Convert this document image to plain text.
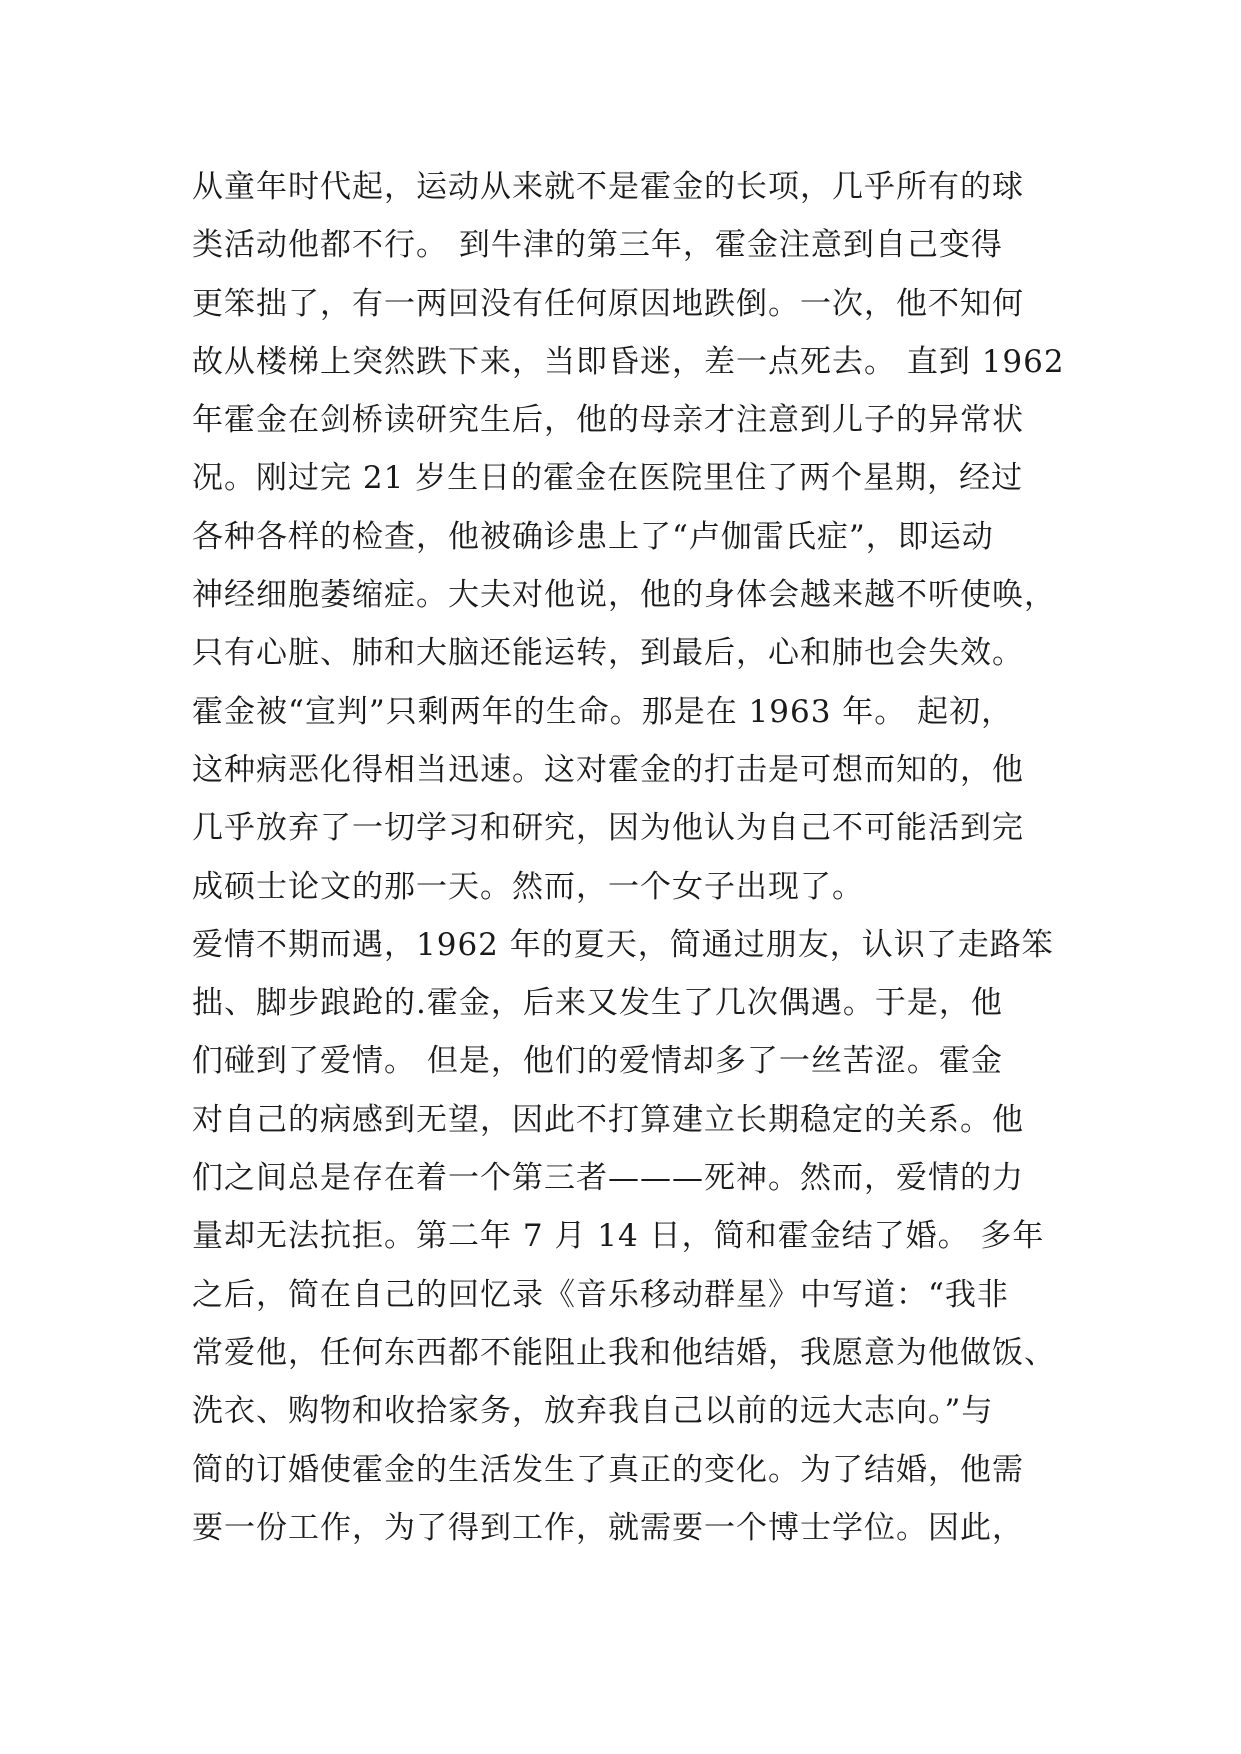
从童年时代起，运动从来就不是霍金的长项，几乎所有的球
类活动他都不行。 到牛津的第三年，霍金注意到自己变得
更笨拙了，有一两回没有任何原因地跌倒。一次，他不知何
故从楼梯上突然跌下来，当即昏迷，差一点死去。 直到 1962
年霍金在剑桥读研究生后，他的母亲才注意到儿子的异常状
况。刚过完 21 岁生日的霍金在医院里住了两个星期，经过
各种各样的检查，他被确诊患上了“卢伽雷氏症”，即运动
神经细胞萎缩症。大夫对他说，他的身体会越来越不听使唤，
只有心脏、肺和大脑还能运转，到最后，心和肺也会失效。
霍金被“宣判”只剩两年的生命。那是在 1963 年。 起初，
这种病恶化得相当迅速。这对霍金的打击是可想而知的，他
几乎放弃了一切学习和研究，因为他认为自己不可能活到完
成硕士论文的那一天。然而，一个女子出现了。
爱情不期而遇，1962 年的夏天，简通过朋友，认识了走路笨
拙、脚步踉跄的.霍金，后来又发生了几次偶遇。于是，他
们碰到了爱情。 但是，他们的爱情却多了一丝苦涩。霍金
对自己的病感到无望，因此不打算建立长期稳定的关系。他
们之间总是存在着一个第三者———死神。然而，爱情的力
量却无法抗拒。第二年 7 月 14 日，简和霍金结了婚。 多年
之后，简在自己的回忆录《音乐移动群星》中写道：“我非
常爱他，任何东西都不能阻止我和他结婚，我愿意为他做饭、
洗衣、购物和收拾家务，放弃我自己以前的远大志向。”与
简的订婚使霍金的生活发生了真正的变化。为了结婚，他需
要一份工作，为了得到工作，就需要一个博士学位。因此，
